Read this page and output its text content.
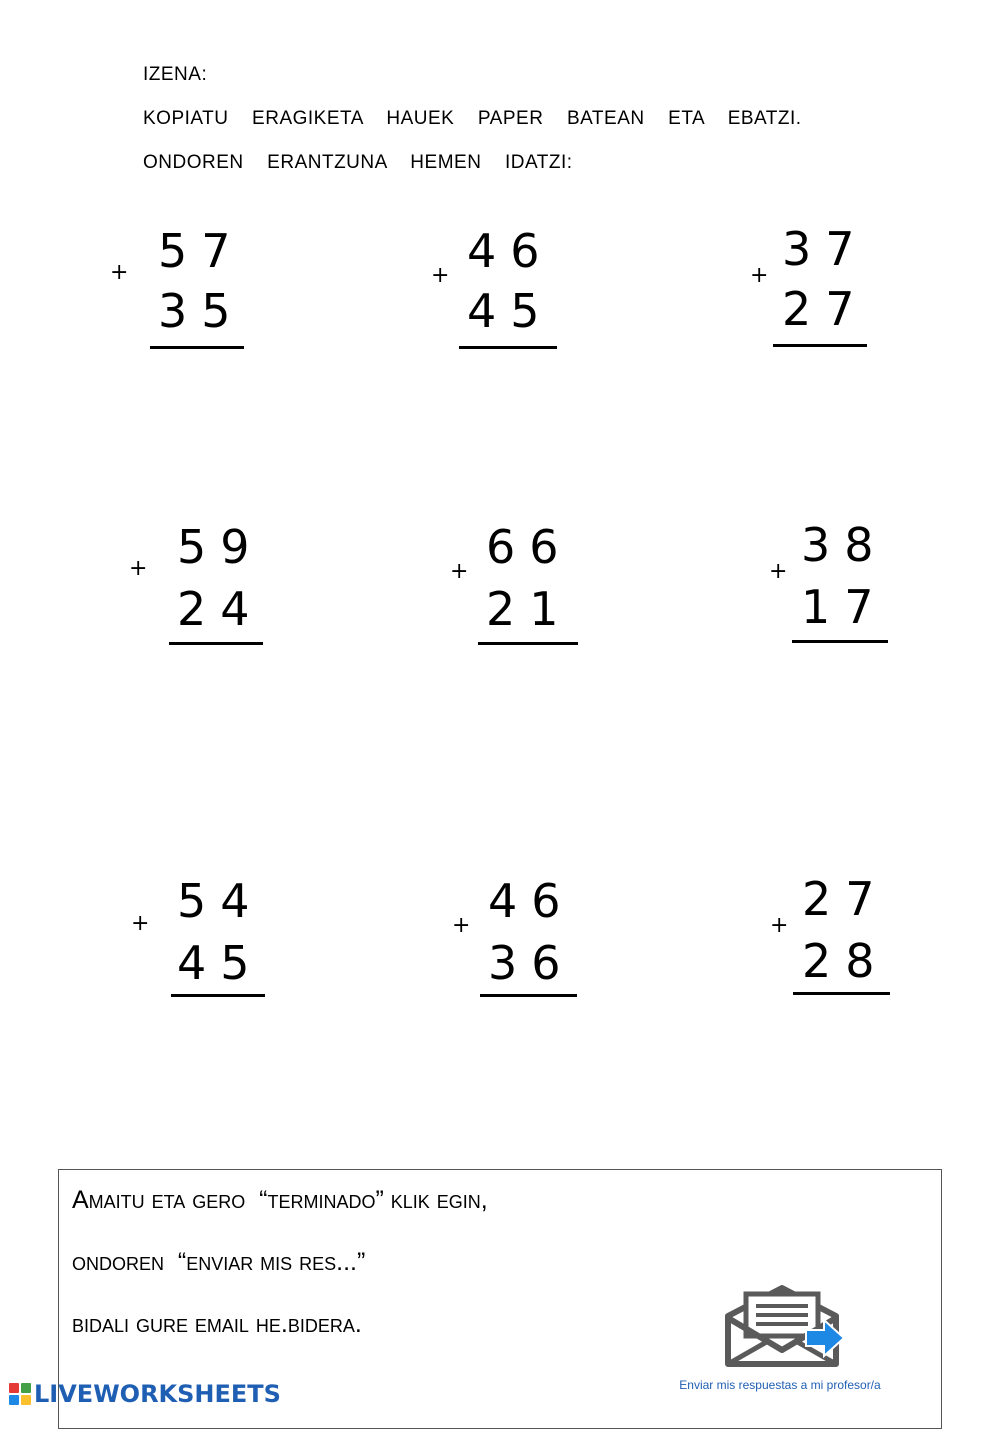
IZENA:
KOPIATU  ERAGIKETA  HAUEK  PAPER  BATEAN  ETA  EBATZI.
ONDOREN  ERANTZUNA  HEMEN  IDATZI:
+ 57
35
+ 46
45
+ 37
27
+ 59
24
+ 66
21
+ 38
17
+ 54
45
+ 46
36
+ 27
28
Amaitu eta gero  “terminado” klik egin,
ondoren  “enviar mis res...”
bidali gure email he.bidera.
Enviar mis respuestas a mi profesor/a
LIVEWORKSHEETS
